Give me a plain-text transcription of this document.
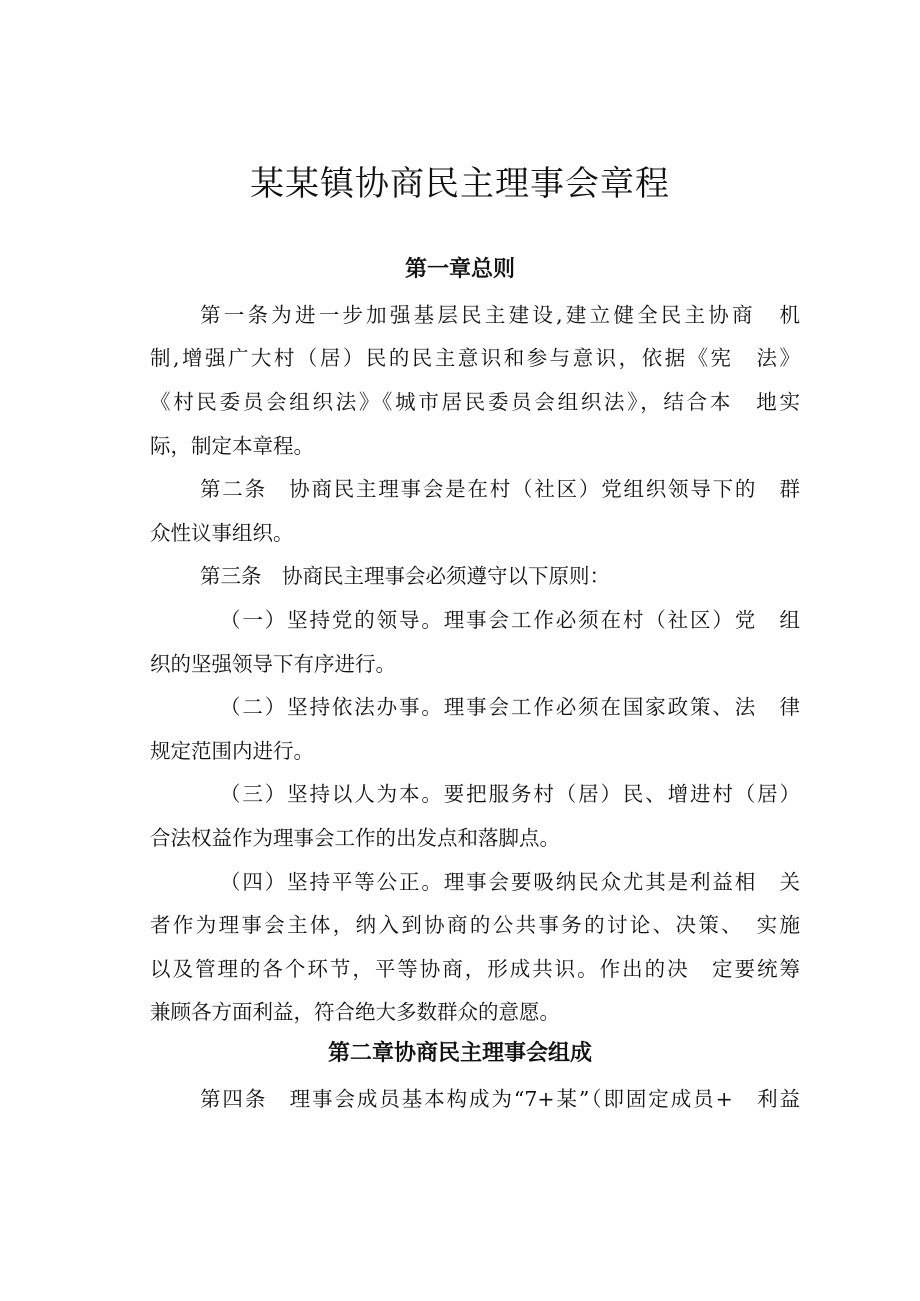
某某镇协商民主理事会章程
第一章总则
第一条为进一步加强基层民主建设,建立健全民主协商　机
制,增强广大村（居）民的民主意识和参与意识，依据《宪　法》
《村民委员会组织法》《城市居民委员会组织法》，结合本　地实
际，制定本章程。
第二条　协商民主理事会是在村（社区）党组织领导下的　群
众性议事组织。
第三条　协商民主理事会必须遵守以下原则：
（一）坚持党的领导。理事会工作必须在村（社区）党　组
织的坚强领导下有序进行。
（二）坚持依法办事。理事会工作必须在国家政策、法　律
规定范围内进行。
（三）坚持以人为本。要把服务村（居）民、增进村（居）
合法权益作为理事会工作的出发点和落脚点。
（四）坚持平等公正。理事会要吸纳民众尤其是利益相　关
者作为理事会主体，纳入到协商的公共事务的讨论、决策、　实施
以及管理的各个环节，平等协商，形成共识。作出的决　定要统筹
兼顾各方面利益，符合绝大多数群众的意愿。
第二章协商民主理事会组成
第四条　理事会成员基本构成为“7+某”（即固定成员+　利益
